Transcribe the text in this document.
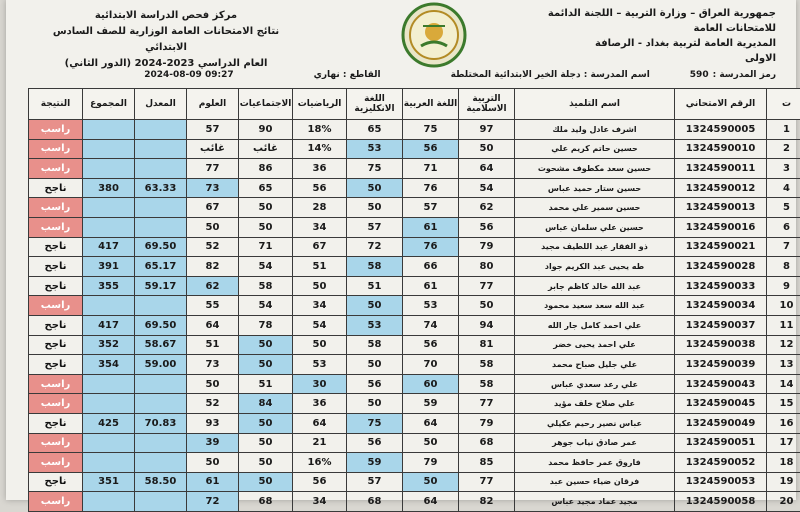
جمهورية العراق – وزارة التربية – اللجنة الدائمة للامتحانات العامة
المديرية العامة لتربية بغداد - الرصافة
الاولى
مركز فحص الدراسة الابتدائية
نتائج الامتحانات العامة الوزارية للصف السادس الابتدائي
العام الدراسي 2023-2024 (الدور الثاني)
رمز المدرسة :
590
اسم المدرسة : دجلة الخير الابتدائية المختلطة
القاطع : نهاري
2024-08-09 09:27
ت	الرقم الامتحاني	اسم التلميذ	التربية الاسلامية	اللغة العربية	اللغة الانكليزية	الرياضيات	الاجتماعيات	العلوم	المعدل	المجموع	النتيجة
1	1324590005	اشرف عادل وليد ملك	97	75	65	18%	90	57			راسب
2	1324590010	حسين حاتم كريم علي	50	56	53	14%	غائب	غائب			راسب
3	1324590011	حسين سعد مكطوف مشحوت	64	71	75	36	86	77			راسب
4	1324590012	حسين ستار حميد عباس	54	76	50	56	65	73	63.33	380	ناجح
5	1324590013	حسين سمير علي محمد	62	57	50	28	50	67			راسب
6	1324590016	حسين علي سلمان عباس	56	61	57	34	50	50			راسب
7	1324590021	ذو الفقار عبد اللطيف مجيد	79	76	72	67	71	52	69.50	417	ناجح
8	1324590028	طه يحيى عبد الكريم جواد	80	66	58	51	54	82	65.17	391	ناجح
9	1324590033	عبد الله خالد كاظم جابر	77	61	51	50	58	62	59.17	355	ناجح
10	1324590034	عبد الله سعد سعيد محمود	50	53	50	34	54	55			راسب
11	1324590037	علي احمد كامل جار الله	94	74	53	54	78	64	69.50	417	ناجح
12	1324590038	علي احمد يحيى خضر	81	56	58	50	50	51	58.67	352	ناجح
13	1324590039	علي جليل صباح محمد	58	70	50	53	50	73	59.00	354	ناجح
14	1324590043	علي رعد سعدي عباس	58	60	56	30	51	50			راسب
15	1324590045	علي صلاح خلف مؤيد	77	59	50	36	84	52			راسب
16	1324590049	عباس نصير رحيم عكيلي	79	64	75	64	50	93	70.83	425	ناجح
17	1324590051	عمر صادق نياب جوهر	68	50	56	21	50	39			راسب
18	1324590052	فاروق عمر حافظ محمد	85	79	59	16%	50	50			راسب
19	1324590053	فرقان ضياء حسين عبد	77	50	57	56	50	61	58.50	351	ناجح
20	1324590058	مجيد عماد مجيد عباس	82	64	68	34	68	72			راسب
